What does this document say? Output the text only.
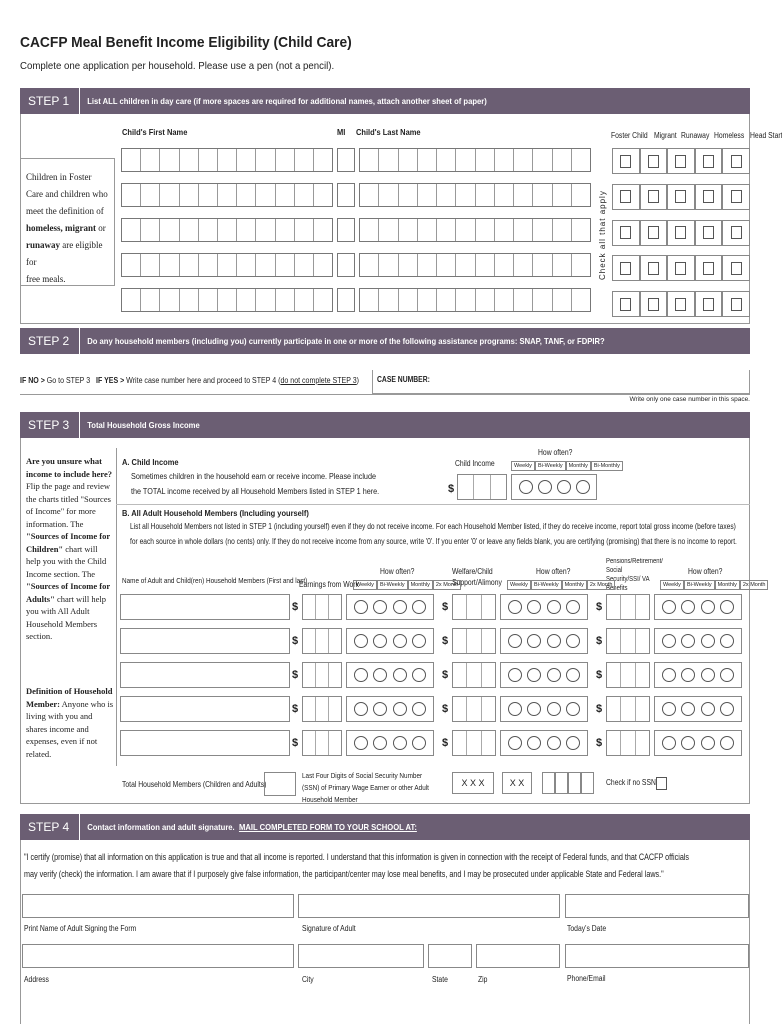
CACFP Meal Benefit Income Eligibility (Child Care)
Complete one application per household. Please use a pen (not a pencil).
STEP 1	List ALL children in day care (if more spaces are required for additional names, attach another sheet of paper)
Child's First Name	MI Child's Last Name	Foster Child Migrant Runaway Homeless Head Start
Children in Foster
Care and children who
meet the definition of
homeless, migrant or
runaway are eligible for
free meals.	Check all that apply
STEP 2	Do any household members (including you) currently participate in one or more of the following assistance programs: SNAP, TANF, or FDPIR?
IF NO > Go to STEP 3 IF YES > Write case number here and proceed to STEP 4 (do not complete STEP 3) CASE NUMBER:
Write only one case number in this space.
STEP 3	Total Household Gross Income
Are you unsure what income to include here? Flip the page and review the charts titled "Sources of Income" for more information. The "Sources of Income for Children" chart will help you with the Child Income section. The "Sources of Income for Adults" chart will help you with All Adult Household Members section.
Definition of Household Member: Anyone who is living with you and shares income and expenses, even if not related.
A. Child Income
Sometimes children in the household earn or receive income. Please include
the TOTAL income received by all Household Members listed in STEP 1 here.
Child Income
$
How often?
Weekly	Bi-Weekly	Monthly	Bi-Monthly
B. All Adult Household Members (Including yourself)
List all Household Members not listed in STEP 1 (including yourself) even if they do not receive income. For each Household Member listed, if they do receive income, report total gross income (before taxes)
for each source in whole dollars (no cents) only. If they do not receive income from any source, write '0'. If you enter '0' or leave any fields blank, you are certifying (promising) that there is no income to report.
Name of Adult and Child(ren) Household Members (First and last)
Earnings from Work
Welfare/Child Support/Alimony
Pensions/Retirement/ Social Security/SSI/ VA Benefits
How often?	How often?	How often?
Weekly	Bi-Weekly	Monthly	2x Month	Weekly	Bi-Weekly	Monthly	2x Month	Weekly	Bi-Weekly	Monthly	2x Month
$	$	$
$	$	$
$	$	$
$	$	$
$	$	$
Total Household Members (Children and Adults)
Last Four Digits of Social Security Number (SSN) of Primary Wage Earner or other Adult Household Member
X X X	X X	Check if no SSN
STEP 4	Contact information and adult signature. MAIL COMPLETED FORM TO YOUR SCHOOL AT:
"I certify (promise) that all information on this application is true and that all income is reported. I understand that this information is given in connection with the receipt of Federal funds, and that CACFP officials
may verify (check) the information. I am aware that if I purposely give false information, the participant/center may lose meal benefits, and I may be prosecuted under applicable State and Federal laws."
Print Name of Adult Signing the Form	Signature of Adult	Today's Date
Address	City	State	Zip	Phone/Email
